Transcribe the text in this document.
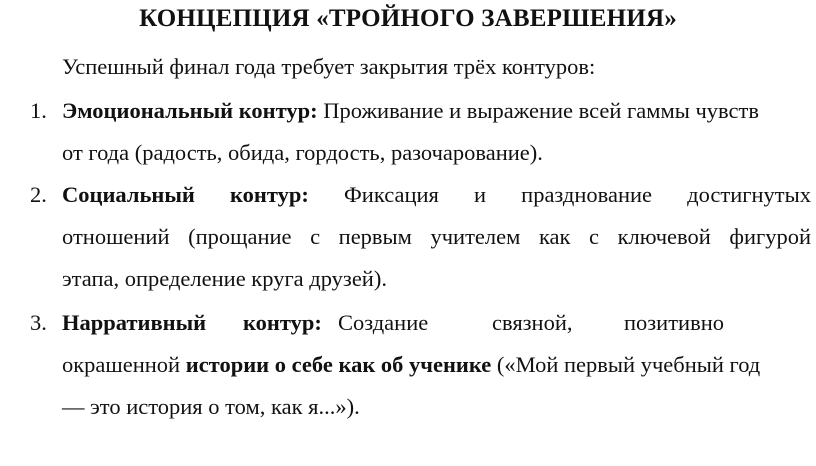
КОНЦЕПЦИЯ «ТРОЙНОГО ЗАВЕРШЕНИЯ»
Успешный финал года требует закрытия трёх контуров:
1. Эмоциональный контур: Проживание и выражение всей гаммы чувств
от года (радость, обида, гордость, разочарование).
2. Социальный контур: Фиксация и празднование достигнутых
отношений (прощание с первым учителем как с ключевой фигурой
этапа, определение круга друзей).
3. Нарративный контур: Создание	связной, позитивно
окрашенной истории о себе как об ученике («Мой первый учебный год
— это история о том, как я...»).
